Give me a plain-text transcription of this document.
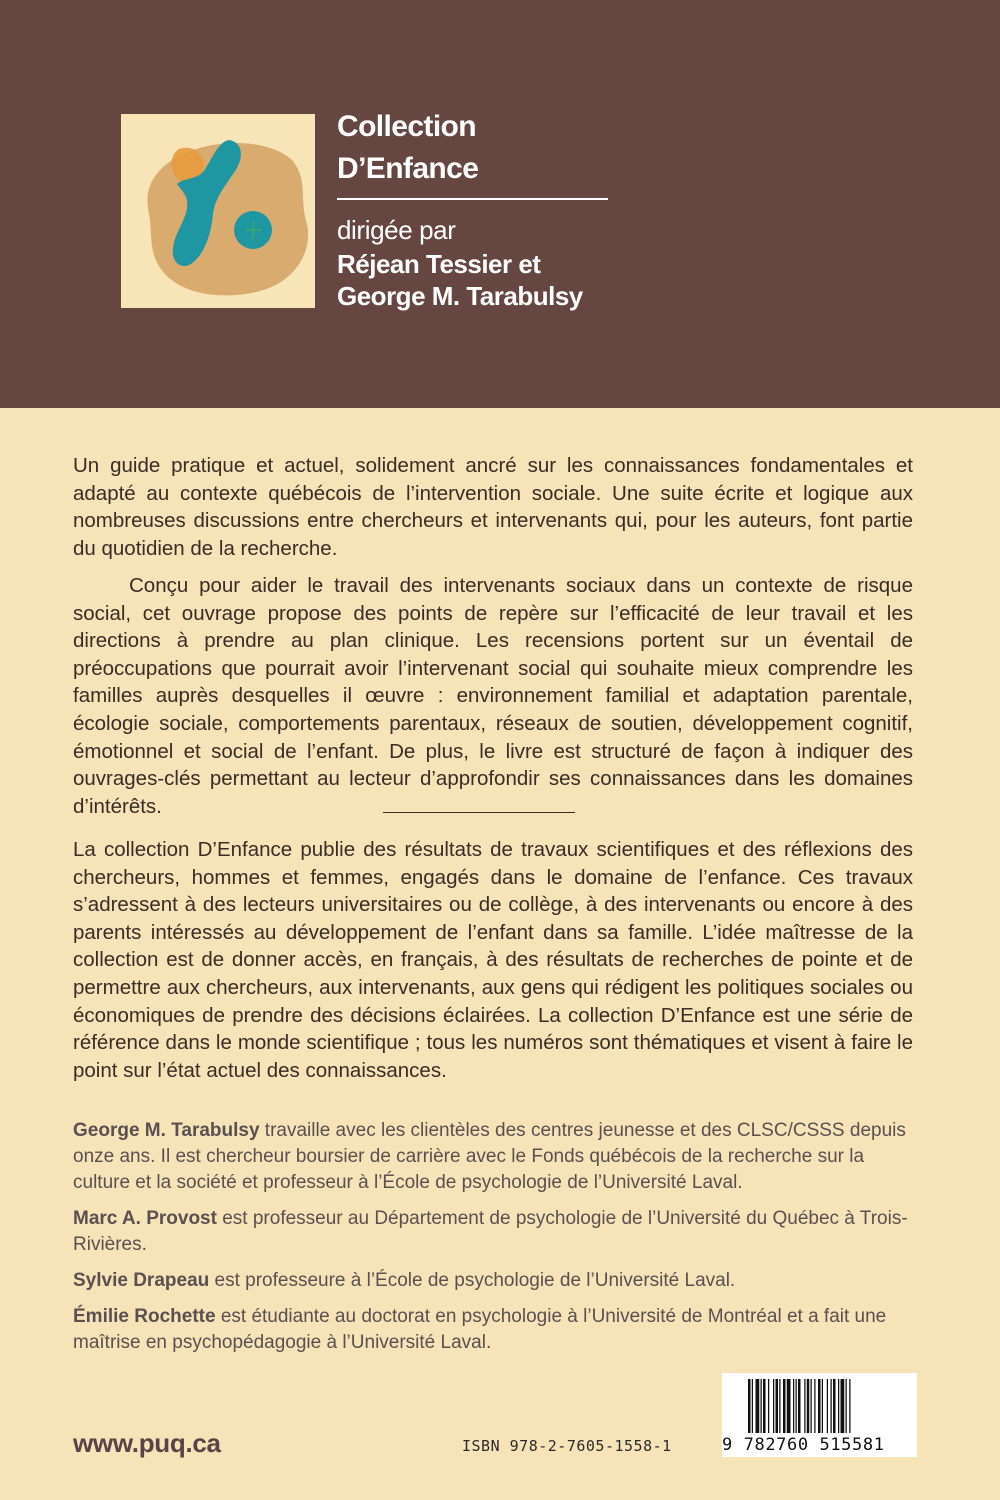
Collection
D’Enfance
dirigée par
Réjean Tessier et
George M. Tarabulsy

Un guide pratique et actuel, solidement ancré sur les connaissances fondamentales et adapté au contexte québécois de l’intervention sociale. Une suite écrite et logique aux nombreuses discussions entre chercheurs et intervenants qui, pour les auteurs, font partie du quotidien de la recherche.

Conçu pour aider le travail des intervenants sociaux dans un contexte de risque social, cet ouvrage propose des points de repère sur l’efficacité de leur travail et les directions à prendre au plan clinique. Les recensions portent sur un éventail de préoccupations que pourrait avoir l’intervenant social qui souhaite mieux comprendre les familles auprès desquelles il œuvre : environnement familial et adaptation parentale, écologie sociale, comportements parentaux, réseaux de soutien, développement cognitif, émotionnel et social de l’enfant. De plus, le livre est structuré de façon à indiquer des ouvrages-clés permettant au lecteur d’approfondir ses connaissances dans les domaines d’intérêts.

La collection D’Enfance publie des résultats de travaux scientifiques et des réflexions des chercheurs, hommes et femmes, engagés dans le domaine de l’enfance. Ces travaux s’adressent à des lecteurs universitaires ou de collège, à des intervenants ou encore à des parents intéressés au développement de l’enfant dans sa famille. L’idée maîtresse de la collection est de donner accès, en français, à des résultats de recherches de pointe et de permettre aux chercheurs, aux intervenants, aux gens qui rédigent les politiques sociales ou économiques de prendre des décisions éclairées. La collection D’Enfance est une série de référence dans le monde scientifique ; tous les numéros sont thématiques et visent à faire le point sur l’état actuel des connaissances.

George M. Tarabulsy travaille avec les clientèles des centres jeunesse et des CLSC/CSSS depuis onze ans. Il est chercheur boursier de carrière avec le Fonds québécois de la recherche sur la culture et la société et professeur à l’École de psychologie de l’Université Laval.

Marc A. Provost est professeur au Département de psychologie de l’Université du Québec à Trois-Rivières.

Sylvie Drapeau est professeure à l’École de psychologie de l’Université Laval.

Émilie Rochette est étudiante au doctorat en psychologie à l’Université de Montréal et a fait une maîtrise en psychopédagogie à l’Université Laval.

www.puq.ca	ISBN 978-2-7605-1558-1	9 782760 515581
